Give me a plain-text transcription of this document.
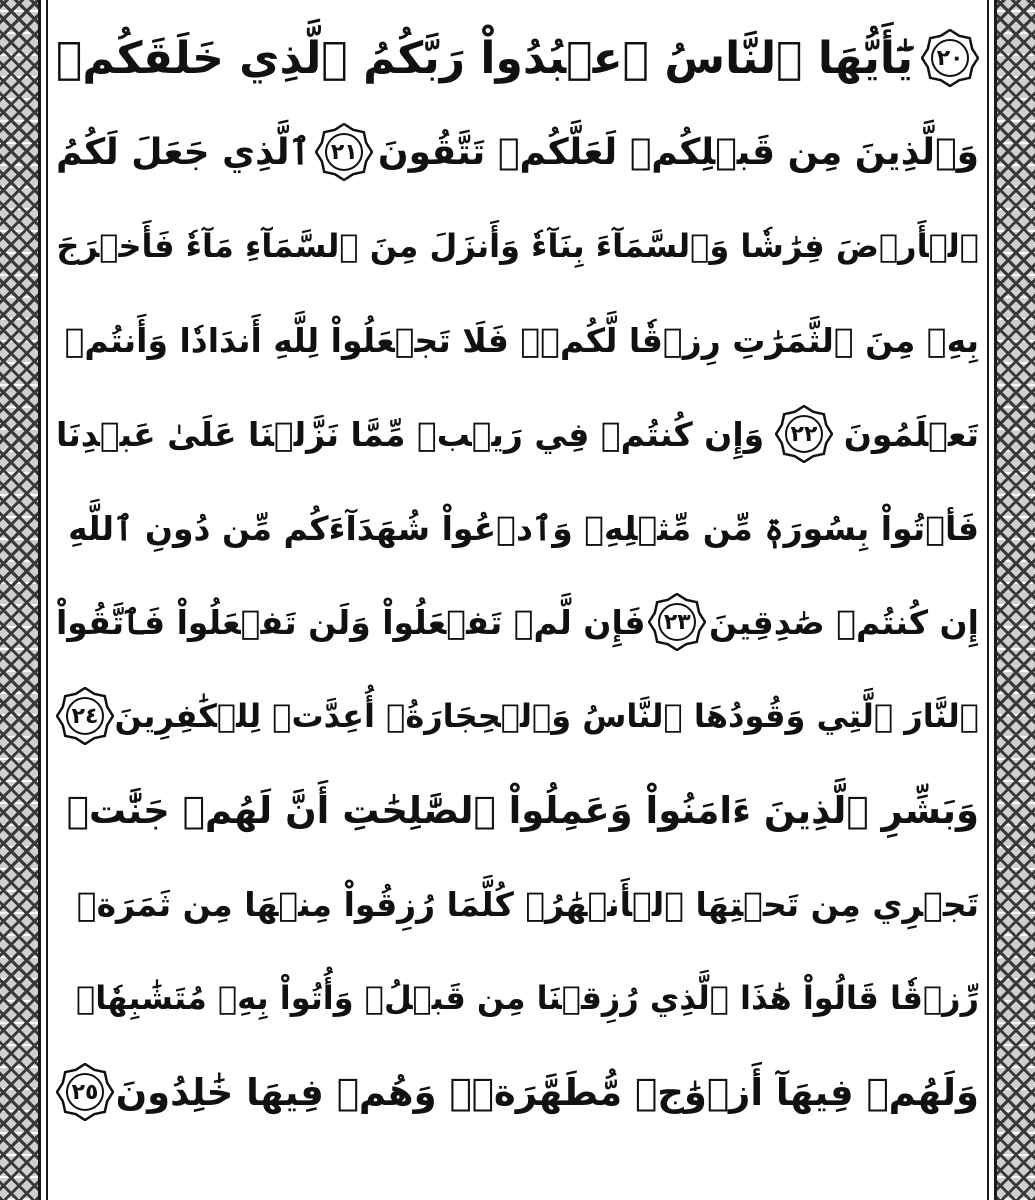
٢٠
يَٰٓأَيُّهَا ٱلنَّاسُ ٱعۡبُدُواْ رَبَّكُمُ ٱلَّذِي خَلَقَكُمۡ
وَٱلَّذِينَ مِن قَبۡلِكُمۡ لَعَلَّكُمۡ تَتَّقُونَ
٢١
ٱلَّذِي جَعَلَ لَكُمُ
ٱلۡأَرۡضَ فِرَٰشٗا وَٱلسَّمَآءَ بِنَآءٗ وَأَنزَلَ مِنَ ٱلسَّمَآءِ مَآءٗ فَأَخۡرَجَ
بِهِۦ مِنَ ٱلثَّمَرَٰتِ رِزۡقٗا لَّكُمۡۖ فَلَا تَجۡعَلُواْ لِلَّهِ أَندَادٗا وَأَنتُمۡ
تَعۡلَمُونَ
٢٢
وَإِن كُنتُمۡ فِي رَيۡبٖ مِّمَّا نَزَّلۡنَا عَلَىٰ عَبۡدِنَا
فَأۡتُواْ بِسُورَةٖ مِّن مِّثۡلِهِۦ وَٱدۡعُواْ شُهَدَآءَكُم مِّن دُونِ ٱللَّهِ
إِن كُنتُمۡ صَٰدِقِينَ
٢٣
فَإِن لَّمۡ تَفۡعَلُواْ وَلَن تَفۡعَلُواْ فَٱتَّقُواْ
ٱلنَّارَ ٱلَّتِي وَقُودُهَا ٱلنَّاسُ وَٱلۡحِجَارَةُۖ أُعِدَّتۡ لِلۡكَٰفِرِينَ
٢٤
وَبَشِّرِ ٱلَّذِينَ ءَامَنُواْ وَعَمِلُواْ ٱلصَّٰلِحَٰتِ أَنَّ لَهُمۡ جَنَّٰتٖ
تَجۡرِي مِن تَحۡتِهَا ٱلۡأَنۡهَٰرُۖ كُلَّمَا رُزِقُواْ مِنۡهَا مِن ثَمَرَةٖ
رِّزۡقٗا قَالُواْ هَٰذَا ٱلَّذِي رُزِقۡنَا مِن قَبۡلُۖ وَأُتُواْ بِهِۦ مُتَشَٰبِهٗاۖ
وَلَهُمۡ فِيهَآ أَزۡوَٰجٞ مُّطَهَّرَةٞۖ وَهُمۡ فِيهَا خَٰلِدُونَ
٢٥
